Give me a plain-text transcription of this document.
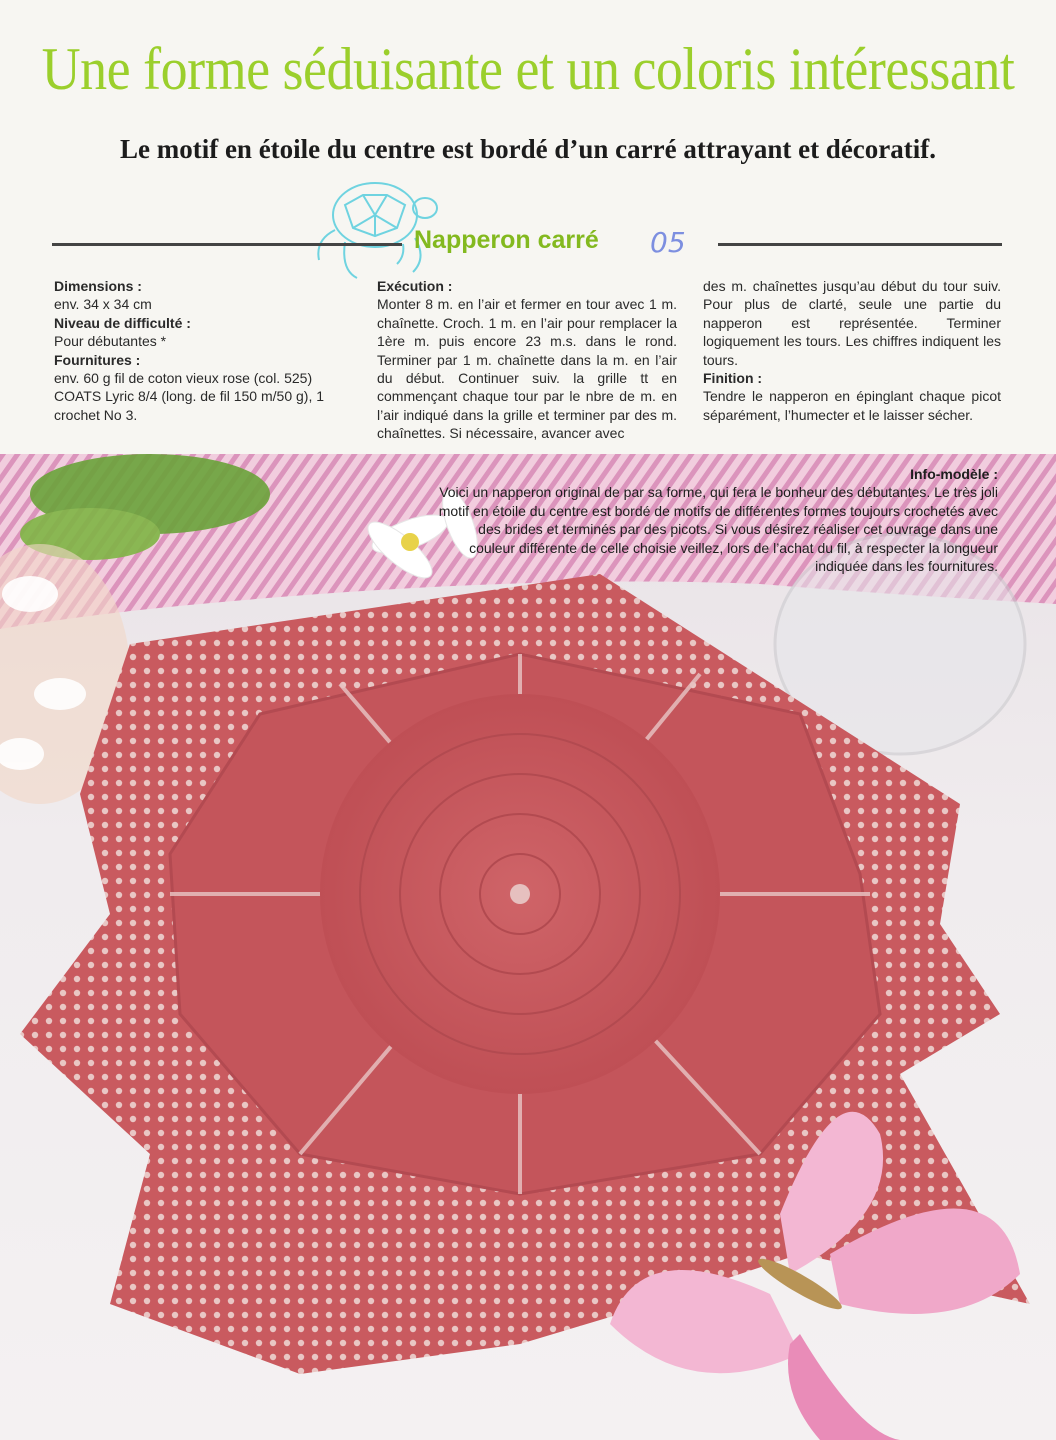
Une forme séduisante et un coloris intéressant

Le motif en étoile du centre est bordé d’un carré attrayant et décoratif.

Napperon carré 05

Dimensions :

env. 34 x 34 cm

Niveau de difficulté :

Pour débutantes *

Fournitures :

env. 60 g fil de coton vieux rose (col. 525) COATS Lyric 8/4 (long. de fil 150 m/50 g), 1 crochet No 3.

Exécution :

Monter 8 m. en l’air et fermer en tour avec 1 m. chaînette. Croch. 1 m. en l’air pour remplacer la 1ère m. puis encore 23 m.s. dans le rond. Terminer par 1 m. chaînette dans la m. en l’air du début. Continuer suiv. la grille tt en commençant chaque tour par le nbre de m. en l’air indiqué dans la grille et terminer par des m. chaînettes. Si nécessaire, avancer avec

des m. chaînettes jusqu’au début du tour suiv. Pour plus de clarté, seule une partie du napperon est représentée. Terminer logiquement les tours. Les chiffres indiquent les tours.

Finition :

Tendre le napperon en épinglant chaque picot séparément, l’humecter et le laisser sécher.

Info-modèle :

Voici un napperon original de par sa forme, qui fera le bonheur des débutantes. Le très joli motif en étoile du centre est bordé de motifs de différentes formes toujours crochetés avec des brides et terminés par des picots. Si vous désirez réaliser cet ouvrage dans une couleur différente de celle choisie veillez, lors de l’achat du fil, à respecter la longueur indiquée dans les fournitures.
